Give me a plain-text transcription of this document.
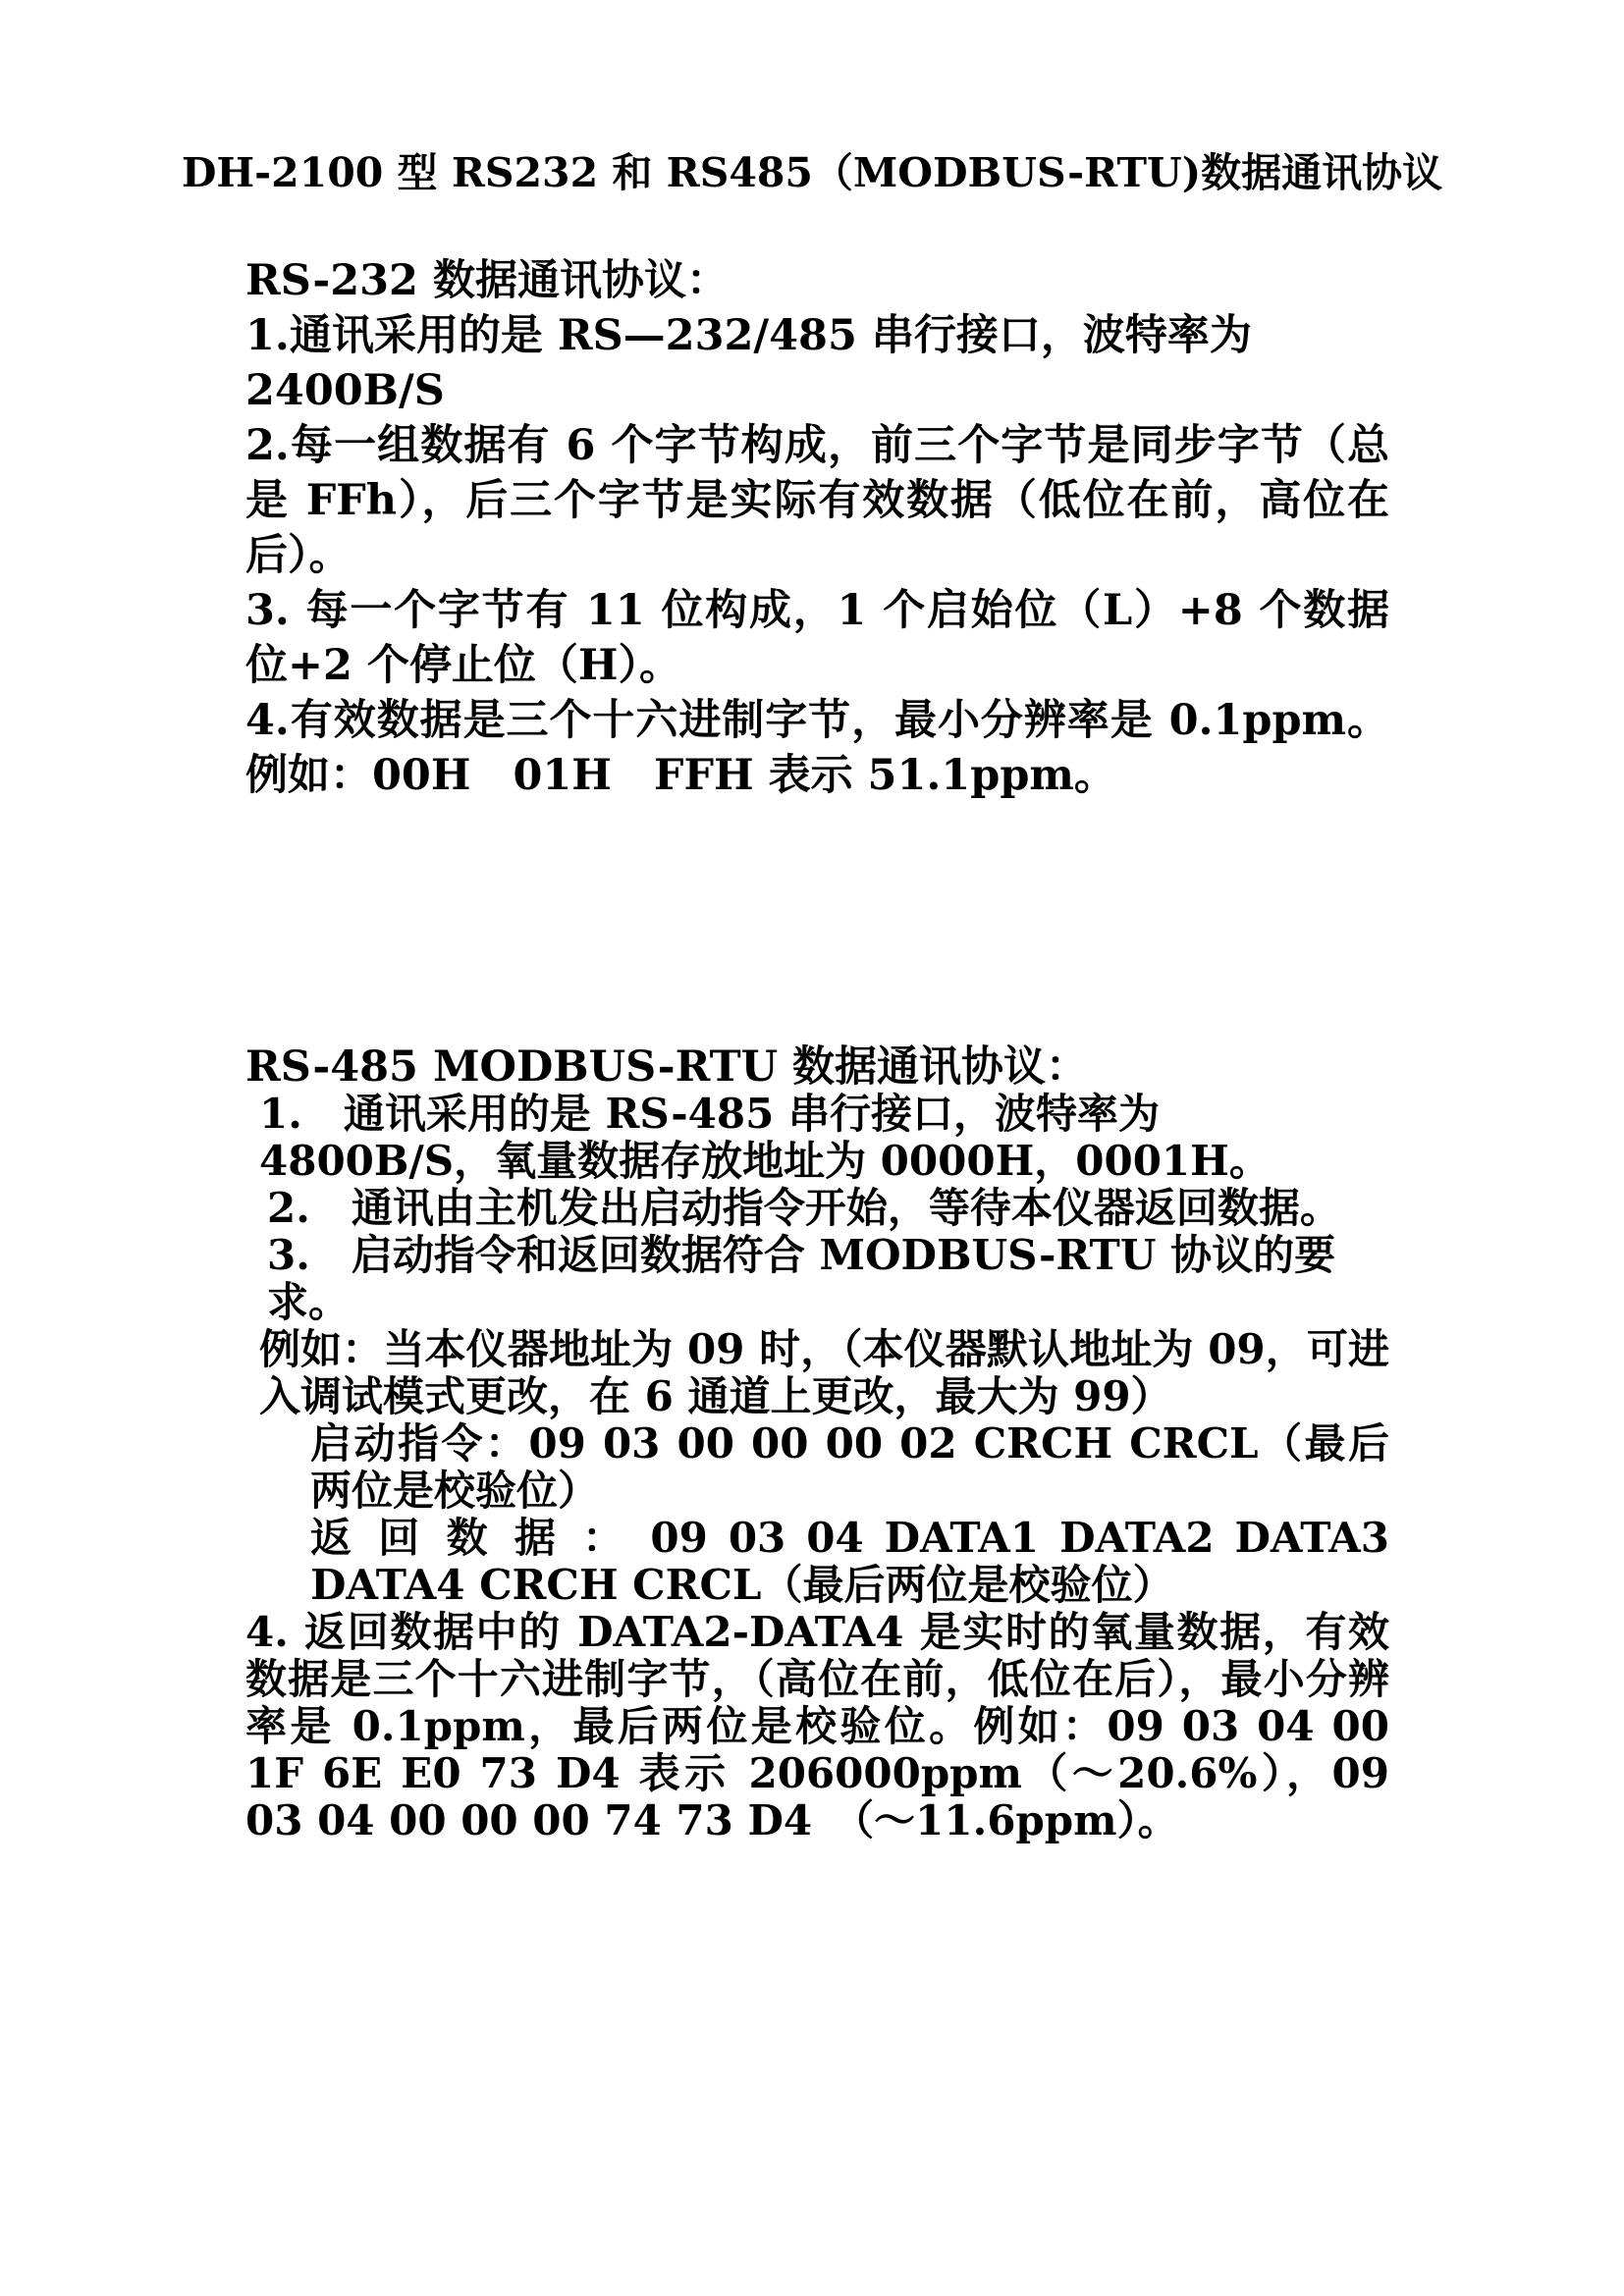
DH-2100 型 RS232 和 RS485（MODBUS-RTU)数据通讯协议

RS-232 数据通讯协议：

1.通讯采用的是 RS—232/485 串行接口，波特率为 2400B/S

2.每一组数据有 6 个字节构成，前三个字节是同步字节（总是 FFh），后三个字节是实际有效数据（低位在前，高位在后）。

3. 每一个字节有 11 位构成，1 个启始位（L）+8 个数据位+2 个停止位（H）。

4.有效数据是三个十六进制字节，最小分辨率是 0.1ppm。例如：00H　01H　FFH 表示 51.1ppm。

RS-485 MODBUS-RTU 数据通讯协议：

1.　通讯采用的是 RS-485 串行接口，波特率为 4800B/S，氧量数据存放地址为 0000H，0001H。

2.　通讯由主机发出启动指令开始，等待本仪器返回数据。

3.　启动指令和返回数据符合 MODBUS-RTU 协议的要求。

例如：当本仪器地址为 09 时，（本仪器默认地址为 09，可进入调试模式更改，在 6 通道上更改，最大为 99）

启动指令：09 03 00 00 00 02 CRCH CRCL（最后两位是校验位）

返 回 数 据 ： 09 03 04 DATA1 DATA2 DATA3 DATA4 CRCH CRCL（最后两位是校验位）

4. 返回数据中的 DATA2-DATA4 是实时的氧量数据，有效数据是三个十六进制字节，（高位在前，低位在后），最小分辨率是 0.1ppm，最后两位是校验位。例如：09 03 04 00 1F 6E E0 73 D4 表示 206000ppm（～20.6%），09 03 04 00 00 00 74 73 D4　（～11.6ppm）。
